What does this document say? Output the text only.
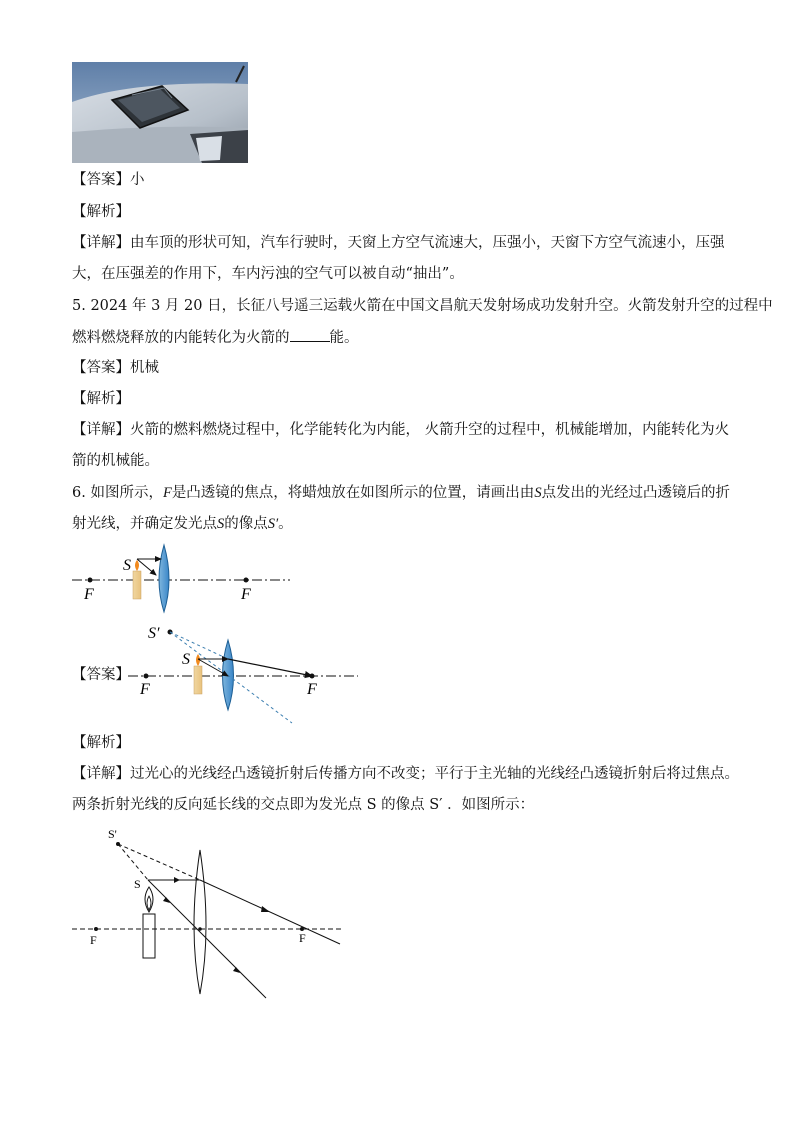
【答案】小
【解析】
【详解】由车顶的形状可知，汽车行驶时，天窗上方空气流速大，压强小，天窗下方空气流速小，压强
大，在压强差的作用下，车内污浊的空气可以被自动“抽出”。
5. 2024 年 3 月 20 日，长征八号遥三运载火箭在中国文昌航天发射场成功发射升空。火箭发射升空的过程中
燃料燃烧释放的内能转化为火箭的	能。
【答案】机械
【解析】
【详解】火箭的燃料燃烧过程中，化学能转化为内能， 火箭升空的过程中，机械能增加，内能转化为火
箭的机械能。
6. 如图所示，F是凸透镜的焦点，将蜡烛放在如图所示的位置，请画出由S点发出的光经过凸透镜后的折
射光线，并确定发光点S的像点S′。
S
F	F
【答案】
S′
S
F	F
【解析】
【详解】过光心的光线经凸透镜折射后传播方向不改变；平行于主光轴的光线经凸透镜折射后将过焦点。
两条折射光线的反向延长线的交点即为发光点 S 的像点 S′ ．如图所示：
S'
S
F	F
